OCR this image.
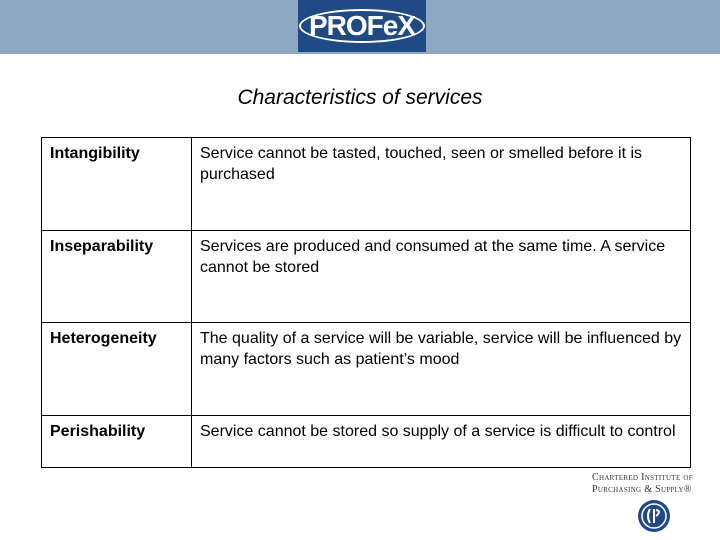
PROFeX
Characteristics of services
Intangibility	Service cannot be tasted, touched, seen or smelled before it is purchased
Inseparability	Services are produced and consumed at the same time. A service cannot be stored
Heterogeneity	The quality of a service will be variable, service will be influenced by many factors such as patient’s mood
Perishability	Service cannot be stored so supply of a service is difficult to control
Chartered Institute of
Purchasing & Supply®
